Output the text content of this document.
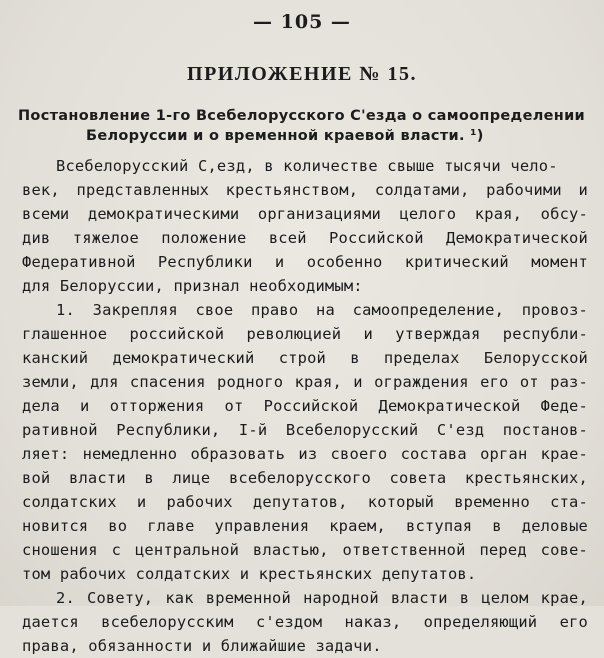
— 105 —
ПРИЛОЖЕНИЕ № 15.
Постановление 1-го Всебелорусского С'езда о самоопределении
Белоруссии и о временной краевой власти. ¹)
Всебелорусский С,езд, в количестве свыше тысячи чело-
век, представленных крестьянством, солдатами, рабочими и
всеми демократическими организациями целого края, обсу-
див тяжелое положение всей Российской Демократической
Федеративной Республики и особенно критический момент
для Белоруссии, признал необходимым:
1. Закрепляя свое право на самоопределение, провоз-
глашенное российской революцией и утверждая республи-
канский демократический строй в пределах Белорусской
земли, для спасения родного края, и ограждения его от раз-
дела и отторжения от Российской Демократической Феде-
ративной Республики, I-й Всебелорусский С'езд постанов-
ляет: немедленно образовать из своего состава орган крае-
вой власти в лице всебелорусского совета крестьянских,
солдатских и рабочих депутатов, который временно ста-
новится во главе управления краем, вступая в деловые
сношения с центральной властью, ответственной перед сове-
том рабочих солдатских и крестьянских депутатов.
2. Совету, как временной народной власти в целом крае,
дается всебелорусским с'ездом наказ, определяющий его
права, обязанности и ближайшие задачи.
